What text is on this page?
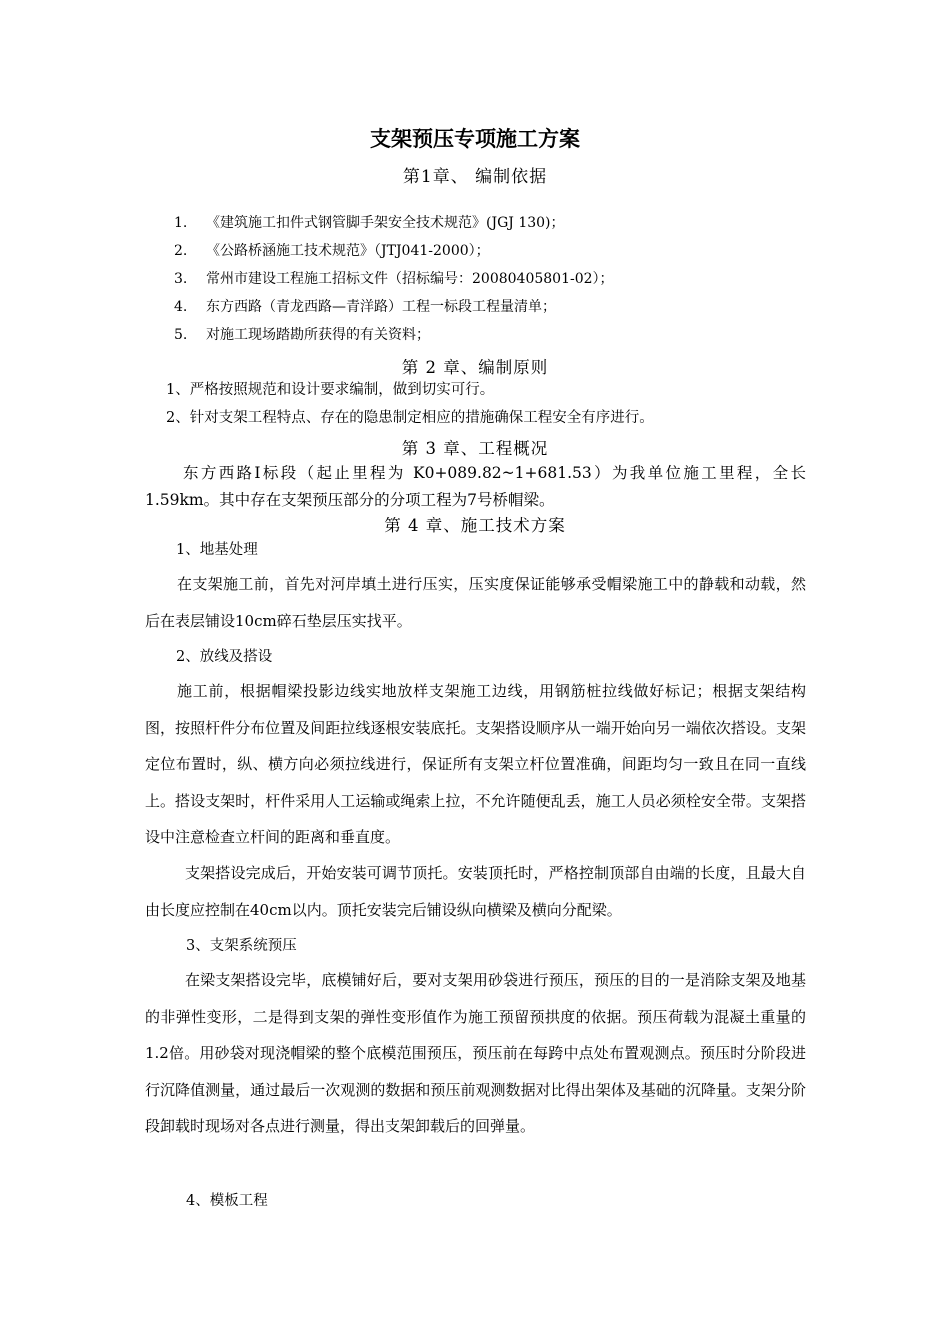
支架预压专项施工方案
第1章、 编制依据
1. 《建筑施工扣件式钢管脚手架安全技术规范》(JGJ 130)；
2. 《公路桥涵施工技术规范》（JTJ041-2000）；
3. 常州市建设工程施工招标文件（招标编号：20080405801-02）；
4. 东方西路（青龙西路—青洋路）工程一标段工程量清单；
5. 对施工现场踏勘所获得的有关资料；
第 2 章、编制原则
1、严格按照规范和设计要求编制，做到切实可行。
2、针对支架工程特点、存在的隐患制定相应的措施确保工程安全有序进行。
第 3 章、工程概况
东方西路Ⅰ标段（起止里程为 K0+089.82~1+681.53）为我单位施工里程，全长1.59km。其中存在支架预压部分的分项工程为7号桥帽梁。
第 4 章、施工技术方案
1、地基处理
在支架施工前，首先对河岸填土进行压实，压实度保证能够承受帽梁施工中的静载和动载，然后在表层铺设10cm碎石垫层压实找平。
2、放线及搭设
施工前，根据帽梁投影边线实地放样支架施工边线，用钢筋桩拉线做好标记；根据支架结构图，按照杆件分布位置及间距拉线逐根安装底托。支架搭设顺序从一端开始向另一端依次搭设。支架定位布置时，纵、横方向必须拉线进行，保证所有支架立杆位置准确，间距均匀一致且在同一直线上。搭设支架时，杆件采用人工运输或绳索上拉，不允许随便乱丢，施工人员必须栓安全带。支架搭设中注意检查立杆间的距离和垂直度。
支架搭设完成后，开始安装可调节顶托。安装顶托时，严格控制顶部自由端的长度，且最大自由长度应控制在40cm以内。顶托安装完后铺设纵向横梁及横向分配梁。
3、支架系统预压
在梁支架搭设完毕，底模铺好后，要对支架用砂袋进行预压，预压的目的一是消除支架及地基的非弹性变形，二是得到支架的弹性变形值作为施工预留预拱度的依据。预压荷载为混凝土重量的1.2倍。用砂袋对现浇帽梁的整个底模范围预压，预压前在每跨中点处布置观测点。预压时分阶段进行沉降值测量，通过最后一次观测的数据和预压前观测数据对比得出架体及基础的沉降量。支架分阶段卸载时现场对各点进行测量，得出支架卸载后的回弹量。
4、模板工程
